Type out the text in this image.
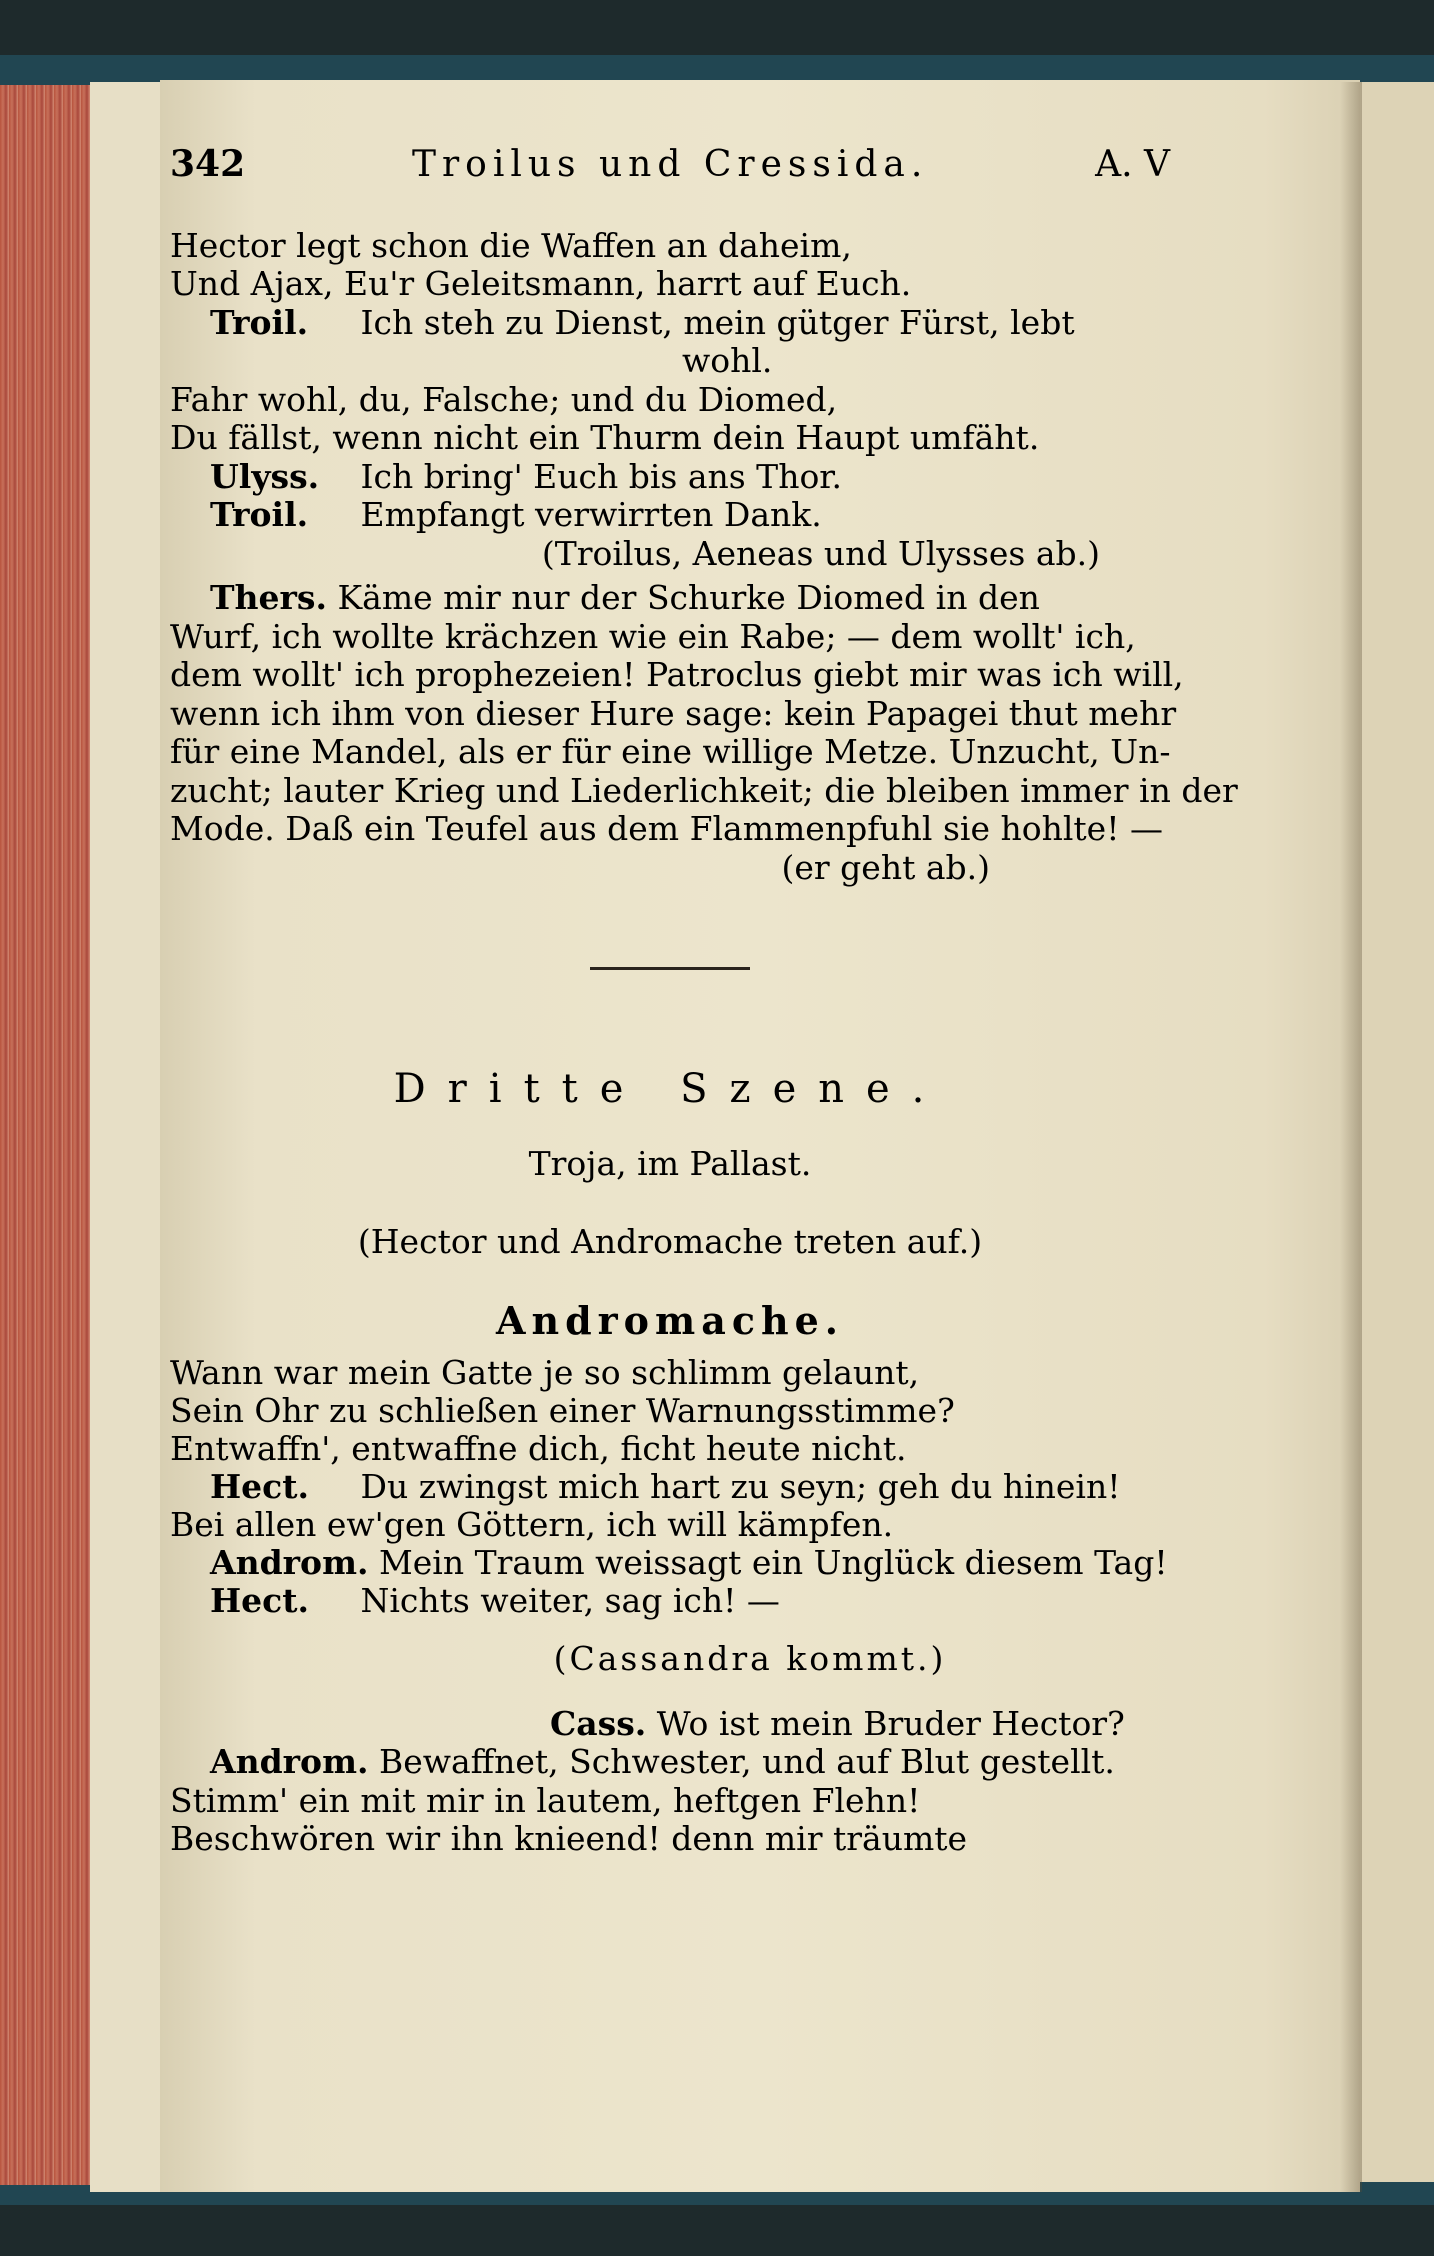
342	Troilus und Cressida.	A. V
Hector legt schon die Waffen an daheim,
Und Ajax, Eu'r Geleitsmann, harrt auf Euch.
Troil. Ich steh zu Dienst, mein gütger Fürst, lebt
wohl.
Fahr wohl, du, Falsche; und du Diomed,
Du fällst, wenn nicht ein Thurm dein Haupt umfäht.
Ulyss. Ich bring' Euch bis ans Thor.
Troil. Empfangt verwirrten Dank.
(Troilus, Aeneas und Ulysses ab.)
Thers. Käme mir nur der Schurke Diomed in den
Wurf, ich wollte krächzen wie ein Rabe; — dem wollt' ich,
dem wollt' ich prophezeien! Patroclus giebt mir was ich will,
wenn ich ihm von dieser Hure sage: kein Papagei thut mehr
für eine Mandel, als er für eine willige Metze. Unzucht, Un-
zucht; lauter Krieg und Liederlichkeit; die bleiben immer in der
Mode. Daß ein Teufel aus dem Flammenpfuhl sie hohlte! —
(er geht ab.)
Dritte Szene.
Troja, im Pallast.
(Hector und Andromache treten auf.)
Andromache.
Wann war mein Gatte je so schlimm gelaunt,
Sein Ohr zu schließen einer Warnungsstimme?
Entwaffn', entwaffne dich, ficht heute nicht.
Hect. Du zwingst mich hart zu seyn; geh du hinein!
Bei allen ew'gen Göttern, ich will kämpfen.
Androm. Mein Traum weissagt ein Unglück diesem Tag!
Hect. Nichts weiter, sag ich! —
(Cassandra kommt.)
Cass. Wo ist mein Bruder Hector?
Androm. Bewaffnet, Schwester, und auf Blut gestellt.
Stimm' ein mit mir in lautem, heftgen Flehn!
Beschwören wir ihn knieend! denn mir träumte
